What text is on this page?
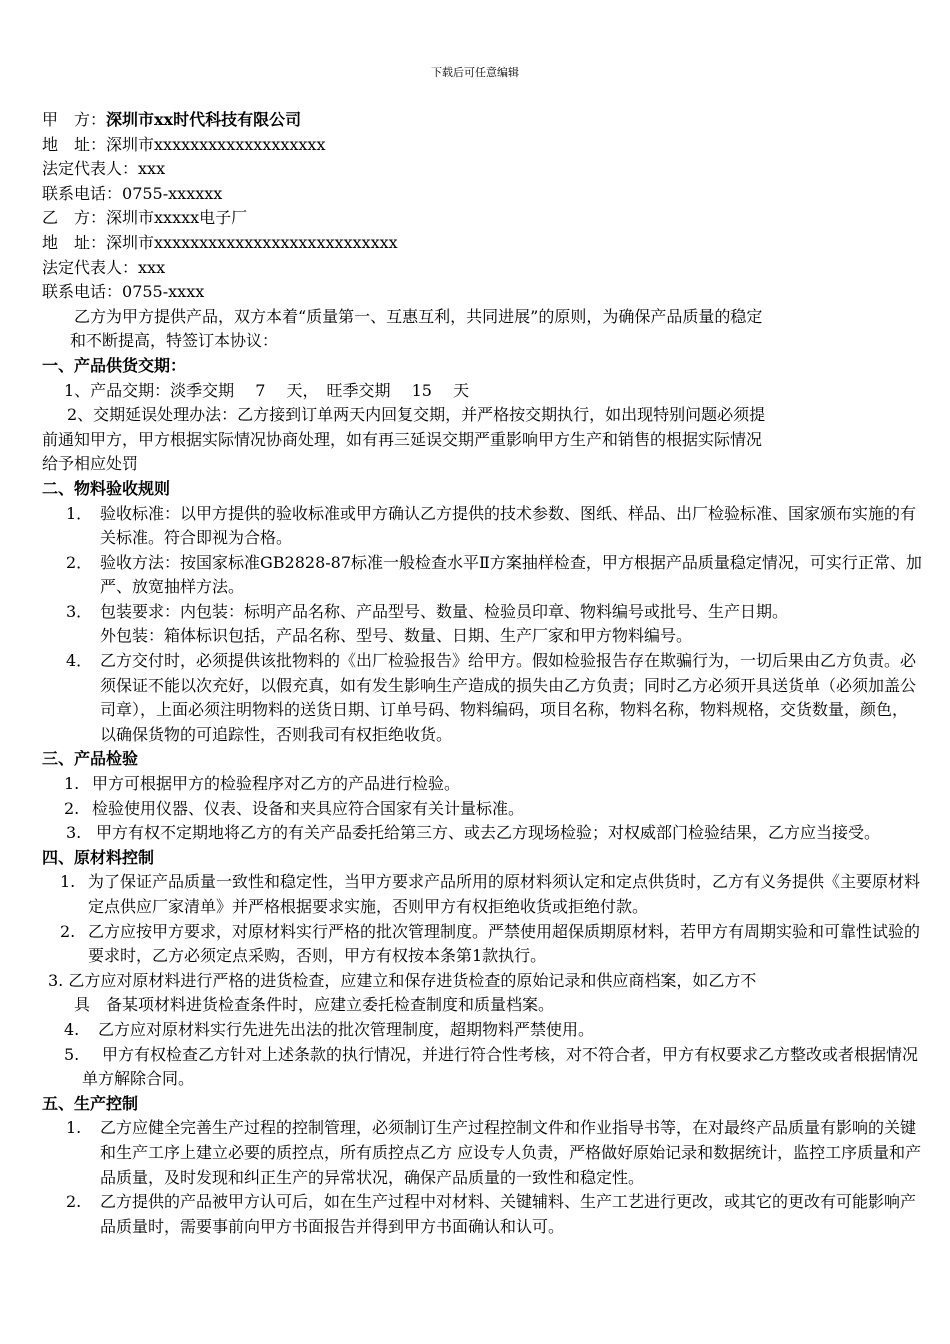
下载后可任意编辑
甲　方：深圳市xx时代科技有限公司
地　址：深圳市xxxxxxxxxxxxxxxxxxx
法定代表人：xxx
联系电话：0755-xxxxxx
乙　方：深圳市xxxxx电子厂
地　址：深圳市xxxxxxxxxxxxxxxxxxxxxxxxxxx
法定代表人：xxx
联系电话：0755-xxxx
乙方为甲方提供产品，双方本着“质量第一、互惠互利，共同进展”的原则，为确保产品质量的稳定
和不断提高，特签订本协议：
一、产品供货交期：
1、产品交期：淡季交期　 7　 天，　旺季交期　 15　 天
2、交期延误处理办法：乙方接到订单两天内回复交期，并严格按交期执行，如出现特别问题必须提
前通知甲方，甲方根据实际情况协商处理，如有再三延误交期严重影响甲方生产和销售的根据实际情况
给予相应处罚
二、物料验收规则
1． 验收标准：以甲方提供的验收标准或甲方确认乙方提供的技术参数、图纸、样品、出厂检验标准、国家颁布实施的有关标准。符合即视为合格。
2． 验收方法：按国家标准GB2828-87标准一般检查水平Ⅱ方案抽样检查，甲方根据产品质量稳定情况，可实行正常、加严、放宽抽样方法。
3． 包装要求：内包装：标明产品名称、产品型号、数量、检验员印章、物料编号或批号、生产日期。
外包装：箱体标识包括，产品名称、型号、数量、日期、生产厂家和甲方物料编号。
4． 乙方交付时，必须提供该批物料的《出厂检验报告》给甲方。假如检验报告存在欺骗行为，一切后果由乙方负责。必须保证不能以次充好，以假充真，如有发生影响生产造成的损失由乙方负责；同时乙方必须开具送货单（必须加盖公司章），上面必须注明物料的送货日期、订单号码、物料编码，项目名称，物料名称，物料规格，交货数量，颜色，以确保货物的可追踪性，否则我司有权拒绝收货。
三、产品检验
1. 甲方可根据甲方的检验程序对乙方的产品进行检验。
2. 检验使用仪器、仪表、设备和夹具应符合国家有关计量标准。
3. 甲方有权不定期地将乙方的有关产品委托给第三方、或去乙方现场检验；对权威部门检验结果，乙方应当接受。
四、原材料控制
1. 为了保证产品质量一致性和稳定性，当甲方要求产品所用的原材料须认定和定点供货时，乙方有义务提供《主要原材料定点供应厂家清单》并严格根据要求实施，否则甲方有权拒绝收货或拒绝付款。
2. 乙方应按甲方要求，对原材料实行严格的批次管理制度。严禁使用超保质期原材料，若甲方有周期实验和可靠性试验的要求时，乙方必须定点采购，否则，甲方有权按本条第1款执行。
3. 乙方应对原材料进行严格的进货检查，应建立和保存进货检查的原始记录和供应商档案，如乙方不
具　备某项材料进货检查条件时，应建立委托检查制度和质量档案。
4. 乙方应对原材料实行先进先出法的批次管理制度，超期物料严禁使用。
5.	甲方有权检查乙方针对上述条款的执行情况，并进行符合性考核，对不符合者，甲方有权要求乙方整改或者根据情况单方解除合同。
五、生产控制
1. 乙方应健全完善生产过程的控制管理，必须制订生产过程控制文件和作业指导书等，在对最终产品质量有影响的关键和生产工序上建立必要的质控点，所有质控点乙方 应设专人负责，严格做好原始记录和数据统计，监控工序质量和产品质量，及时发现和纠正生产的异常状况，确保产品质量的一致性和稳定性。
2. 乙方提供的产品被甲方认可后，如在生产过程中对材料、关键辅料、生产工艺进行更改，或其它的更改有可能影响产品质量时，需要事前向甲方书面报告并得到甲方书面确认和认可。
